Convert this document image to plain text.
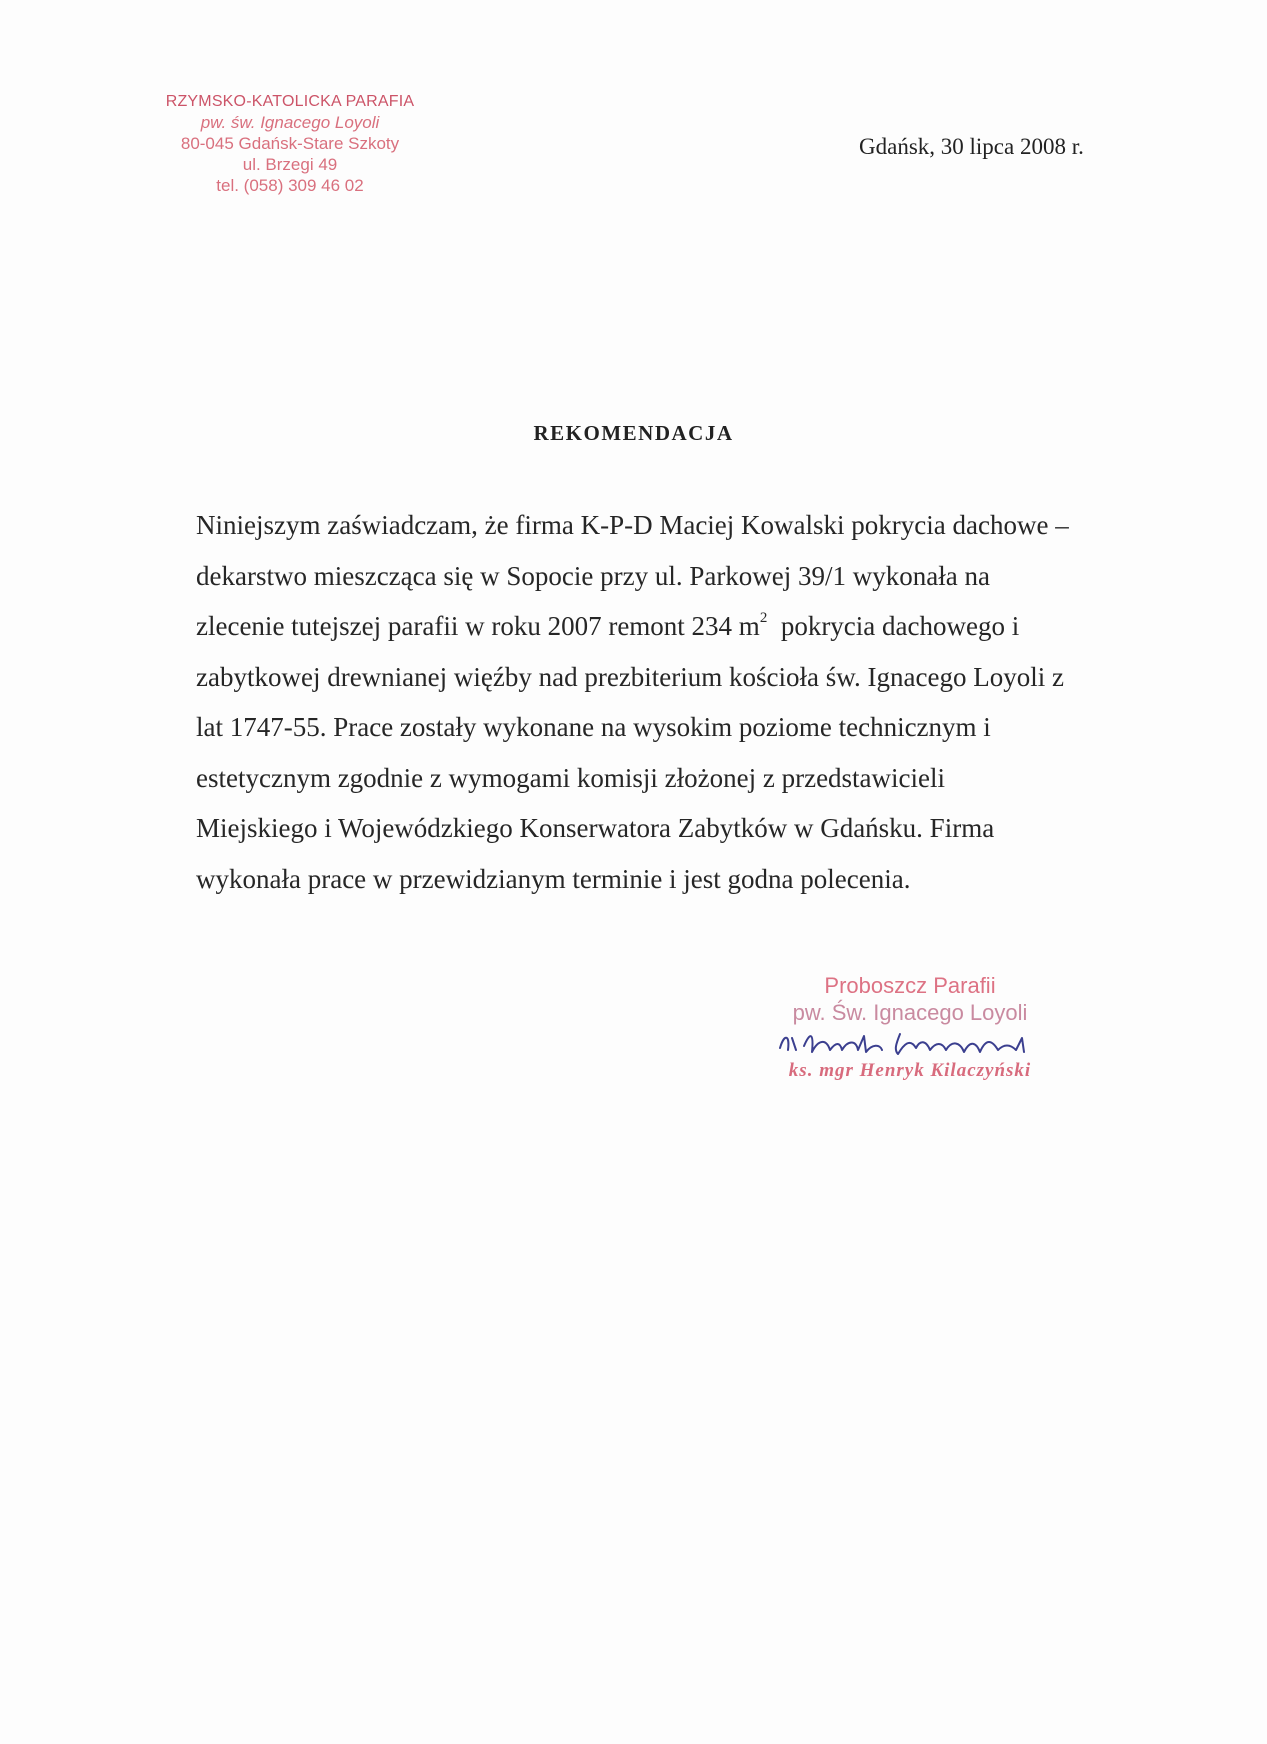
RZYMSKO-KATOLICKA PARAFIA
pw. św. Ignacego Loyoli
80-045 Gdańsk-Stare Szkoty
ul. Brzegi 49
tel. (058) 309 46 02
Gdańsk, 30 lipca 2008 r.
REKOMENDACJA
Niniejszym zaświadczam, że firma K-P-D Maciej Kowalski pokrycia dachowe –
dekarstwo mieszcząca się w Sopocie przy ul. Parkowej 39/1 wykonała na
zlecenie tutejszej parafii w roku 2007 remont 234 $m^2$ pokrycia dachowego i
zabytkowej drewnianej więźby nad prezbiterium kościoła św. Ignacego Loyoli z
lat 1747-55. Prace zostały wykonane na wysokim poziome technicznym i
estetycznym zgodnie z wymogami komisji złożonej z przedstawicieli
Miejskiego i Wojewódzkiego Konserwatora Zabytków w Gdańsku. Firma
wykonała prace w przewidzianym terminie i jest godna polecenia.
Proboszcz Parafii
pw. Św. Ignacego Loyoli
ks. mgr Henryk Kilaczyński
